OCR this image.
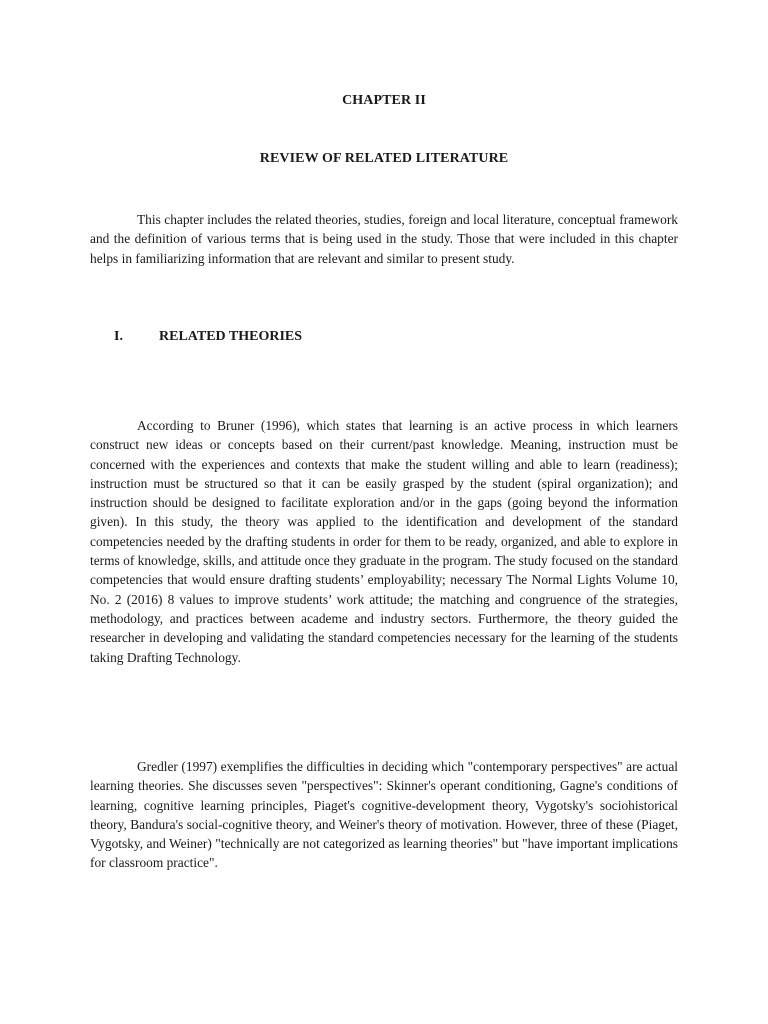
CHAPTER II
REVIEW OF RELATED LITERATURE

This chapter includes the related theories, studies, foreign and local literature, conceptual framework and the definition of various terms that is being used in the study. Those that were included in this chapter helps in familiarizing information that are relevant and similar to present study.

I.	RELATED THEORIES

According to Bruner (1996), which states that learning is an active process in which learners construct new ideas or concepts based on their current/past knowledge. Meaning, instruction must be concerned with the experiences and contexts that make the student willing and able to learn (readiness); instruction must be structured so that it can be easily grasped by the student (spiral organization); and instruction should be designed to facilitate exploration and/or in the gaps (going beyond the information given). In this study, the theory was applied to the identification and development of the standard competencies needed by the drafting students in order for them to be ready, organized, and able to explore in terms of knowledge, skills, and attitude once they graduate in the program. The study focused on the standard competencies that would ensure drafting students’ employability; necessary The Normal Lights Volume 10, No. 2 (2016) 8 values to improve students’ work attitude; the matching and congruence of the strategies, methodology, and practices between academe and industry sectors. Furthermore, the theory guided the researcher in developing and validating the standard competencies necessary for the learning of the students taking Drafting Technology.

Gredler (1997) exemplifies the difficulties in deciding which "contemporary perspectives" are actual learning theories. She discusses seven "perspectives": Skinner's operant conditioning, Gagne's conditions of learning, cognitive learning principles, Piaget's cognitive-development theory, Vygotsky's sociohistorical theory, Bandura's social-cognitive theory, and Weiner's theory of motivation. However, three of these (Piaget, Vygotsky, and Weiner) "technically are not categorized as learning theories" but "have important implications for classroom practice".
